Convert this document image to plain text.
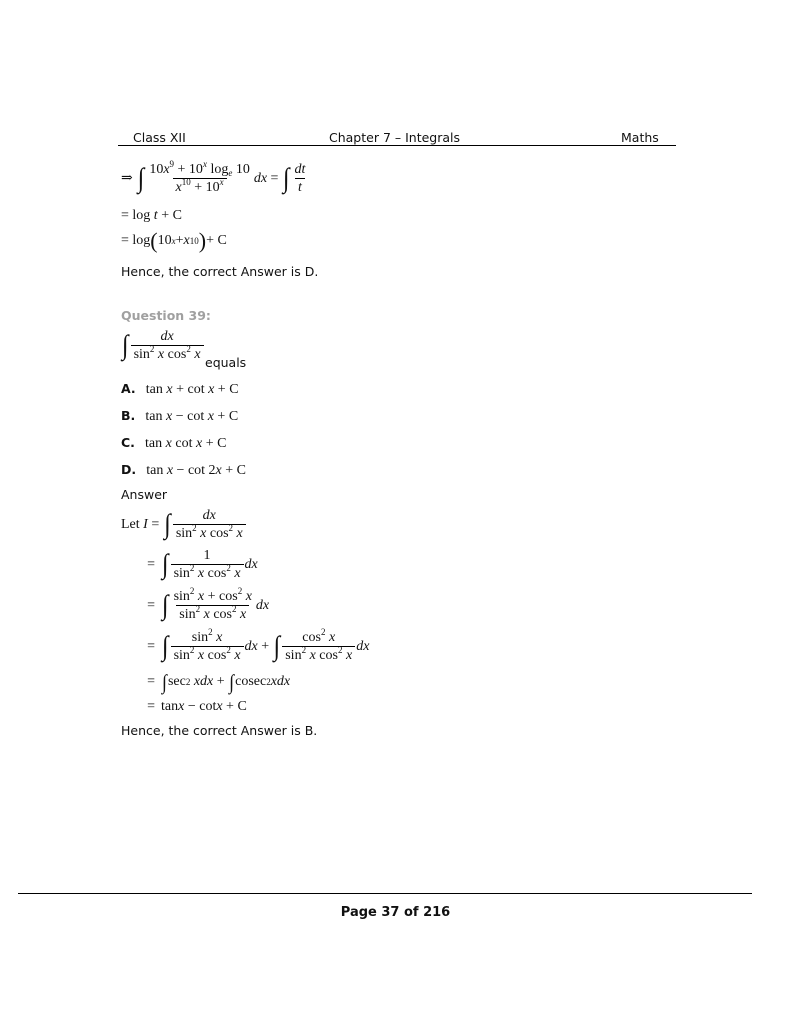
Class XII	Chapter 7 – Integrals	Maths
⇒ ∫ $\frac{10x^9 + 10^x \log_e 10}{x^{10} + 10^x}$ dx = ∫ $\frac{dt}{t}$
= log t + C
= log ( 10 x + x 10 ) + C
Hence, the correct Answer is D.
Question 39:
∫ $\frac{dx}{\sin^2 x \cos^2 x}$
equals
A. tan x + cot x + C
B. tan x − cot x + C
C. tan x cot x + C
D. tan x − cot 2x + C
Answer
Let I = ∫ $\frac{dx}{\sin^2 x \cos^2 x}$
= ∫ $\frac{1}{\sin^2 x \cos^2 x}$ dx
= ∫ $\frac{\sin^2 x + \cos^2 x}{\sin^2 x \cos^2 x}$ dx
= ∫ $\frac{\sin^2 x}{\sin^2 x \cos^2 x}$ dx + ∫ $\frac{\cos^2 x}{\sin^2 x \cos^2 x}$ dx
= ∫ sec 2
xdx + ∫ cosec 2 xdx
= tan x − cot x + C
Hence, the correct Answer is B.
Page 37 of 216
